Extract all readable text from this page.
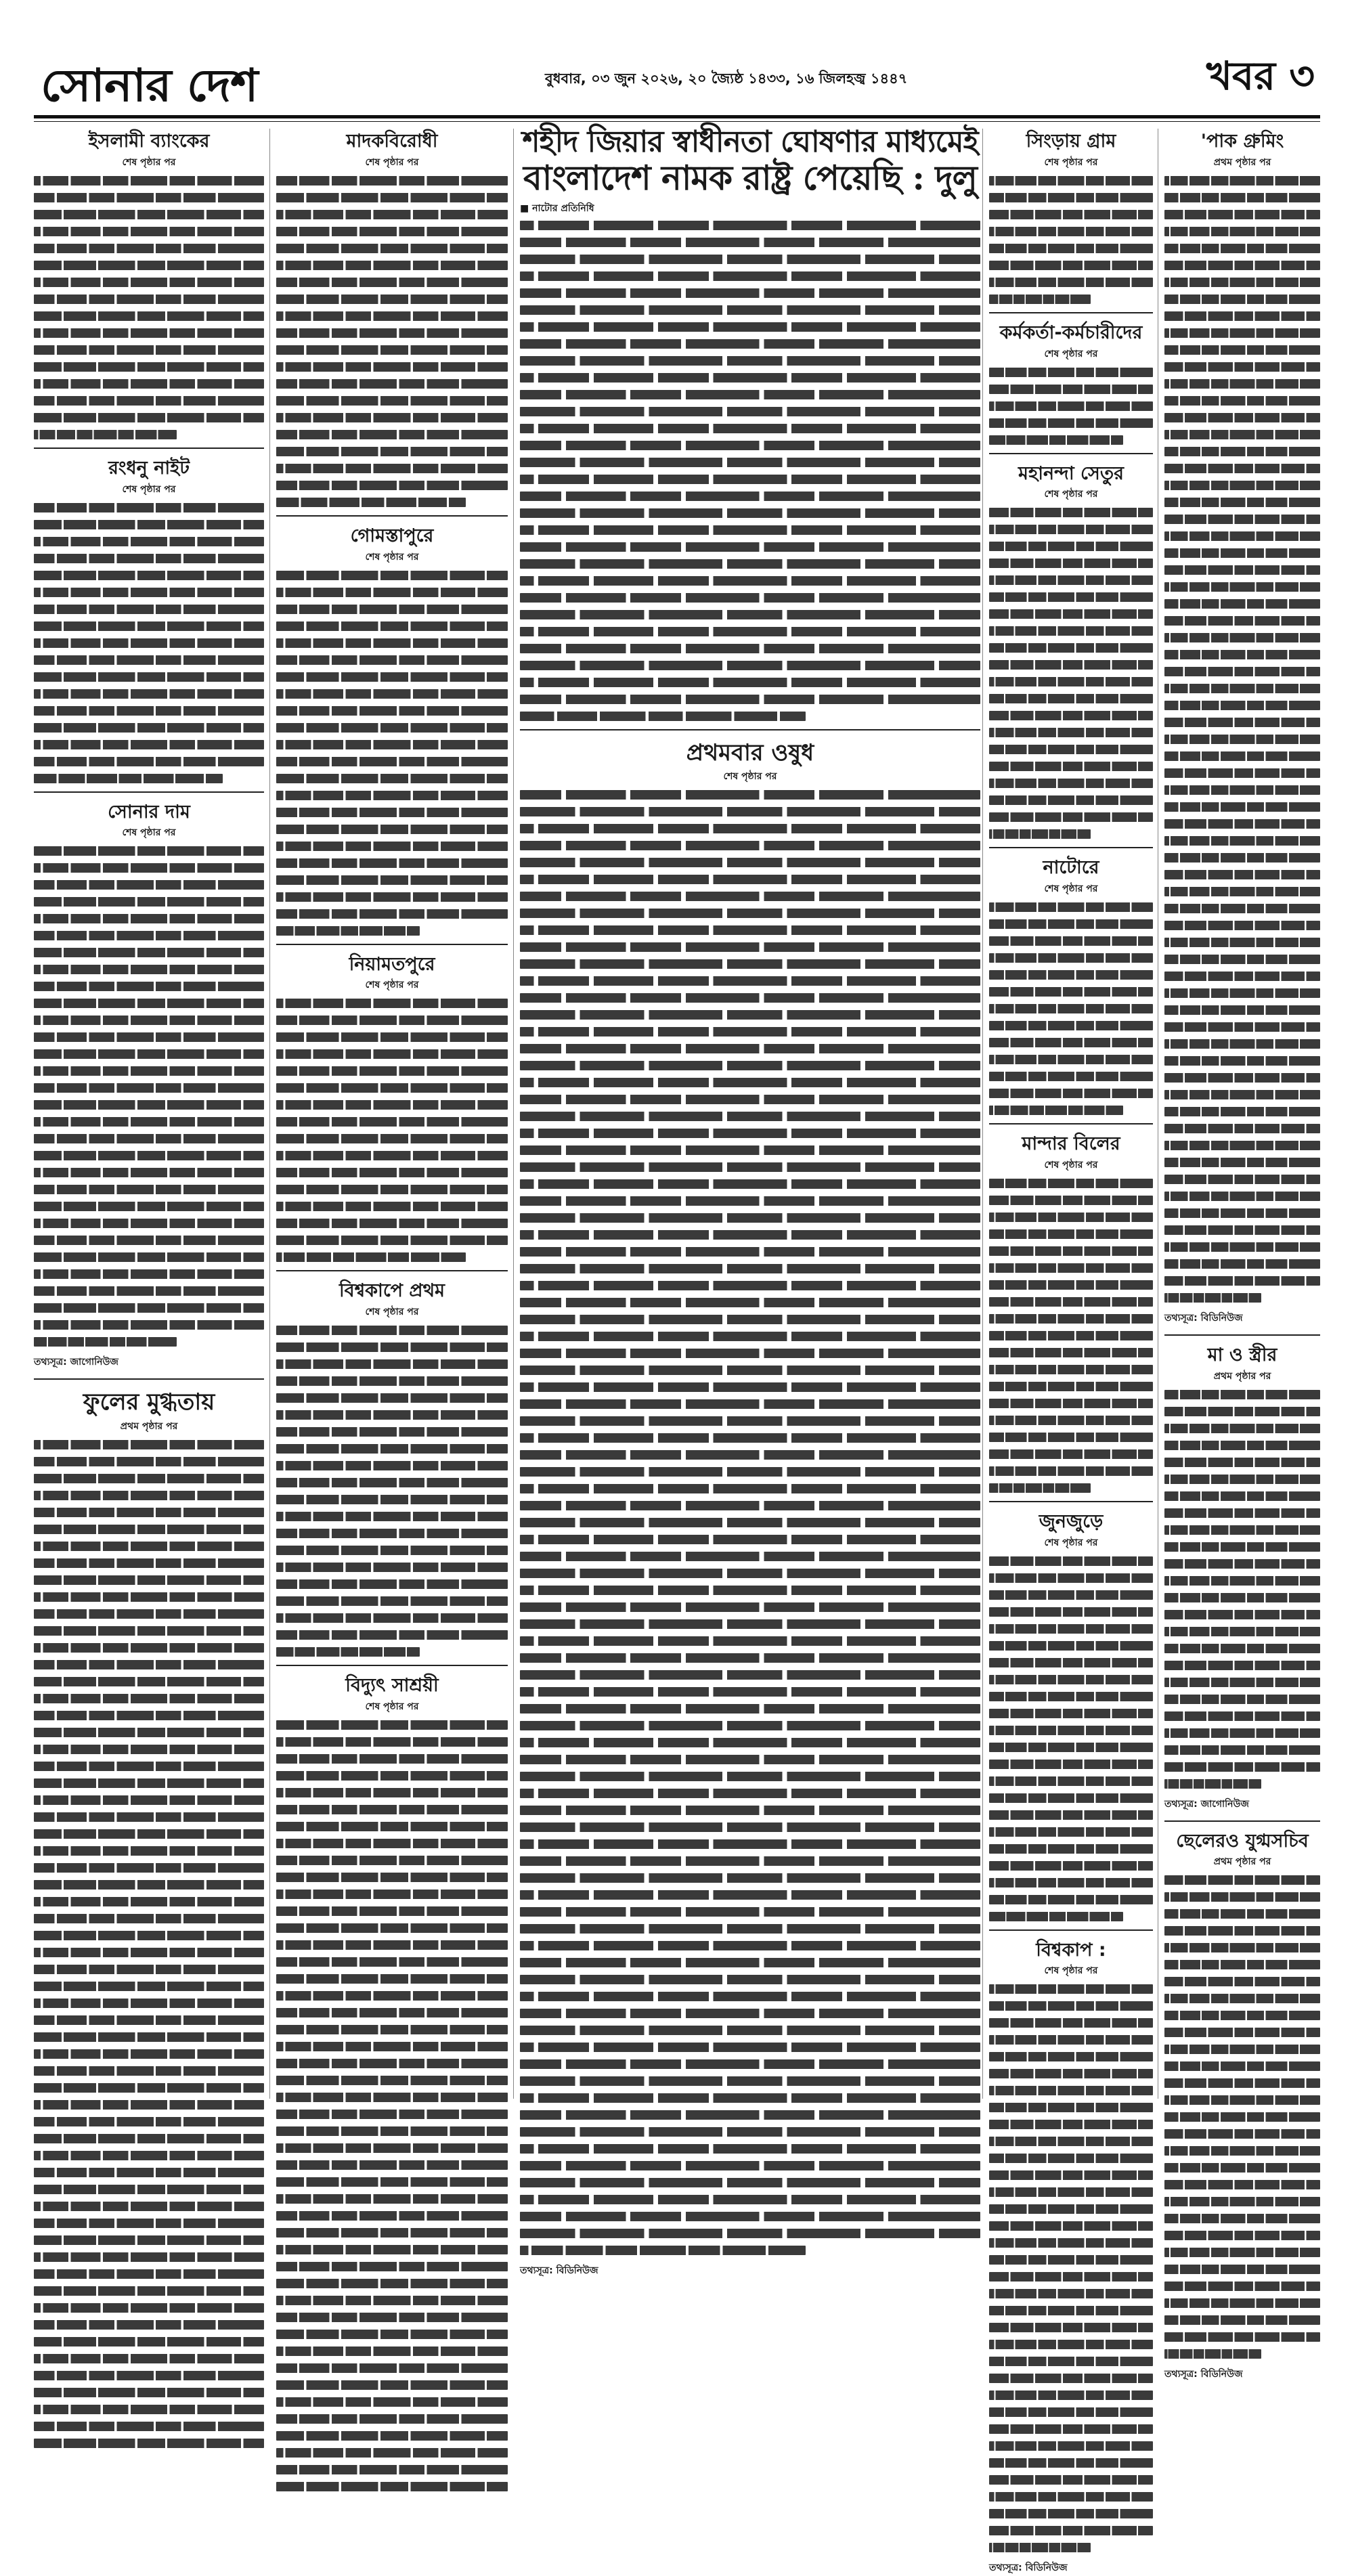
সোনার দেশ	বুধবার, ০৩ জুন ২০২৬, ২০ জ্যৈষ্ঠ ১৪৩৩, ১৬ জিলহজ্ব ১৪৪৭	খবর ৩
ইসলামী ব্যাংকের
শেষ পৃষ্ঠার পর
রংধনু নাইট
শেষ পৃষ্ঠার পর
সোনার দাম
শেষ পৃষ্ঠার পর
তথ্যসূত্র: জাগোনিউজ
ফুলের মুগ্ধতায়
প্রথম পৃষ্ঠার পর
মাদকবিরোধী
শেষ পৃষ্ঠার পর
গোমস্তাপুরে
শেষ পৃষ্ঠার পর
নিয়ামতপুরে
শেষ পৃষ্ঠার পর
বিশ্বকাপে প্রথম
শেষ পৃষ্ঠার পর
বিদ্যুৎ সাশ্রয়ী
শেষ পৃষ্ঠার পর
শহীদ জিয়ার স্বাধীনতা ঘোষণার মাধ্যমেই
বাংলাদেশ নামক রাষ্ট্র পেয়েছি : দুলু
■ নাটোর প্রতিনিধি
প্রথমবার ওষুধ
শেষ পৃষ্ঠার পর
তথ্যসূত্র: বিডিনিউজ
সিংড়ায় গ্রাম
শেষ পৃষ্ঠার পর
কর্মকর্তা-কর্মচারীদের
শেষ পৃষ্ঠার পর
মহানন্দা সেতুর
শেষ পৃষ্ঠার পর
নাটোরে
শেষ পৃষ্ঠার পর
মান্দার বিলের
শেষ পৃষ্ঠার পর
জুনজুড়ে
শেষ পৃষ্ঠার পর
বিশ্বকাপ :
শেষ পৃষ্ঠার পর
তথ্যসূত্র: বিডিনিউজ
'পাক গ্রুমিং
প্রথম পৃষ্ঠার পর
তথ্যসূত্র: বিডিনিউজ
মা ও স্ত্রীর
প্রথম পৃষ্ঠার পর
তথ্যসূত্র: জাগোনিউজ
ছেলেরও যুগ্মসচিব
প্রথম পৃষ্ঠার পর
তথ্যসূত্র: বিডিনিউজ
